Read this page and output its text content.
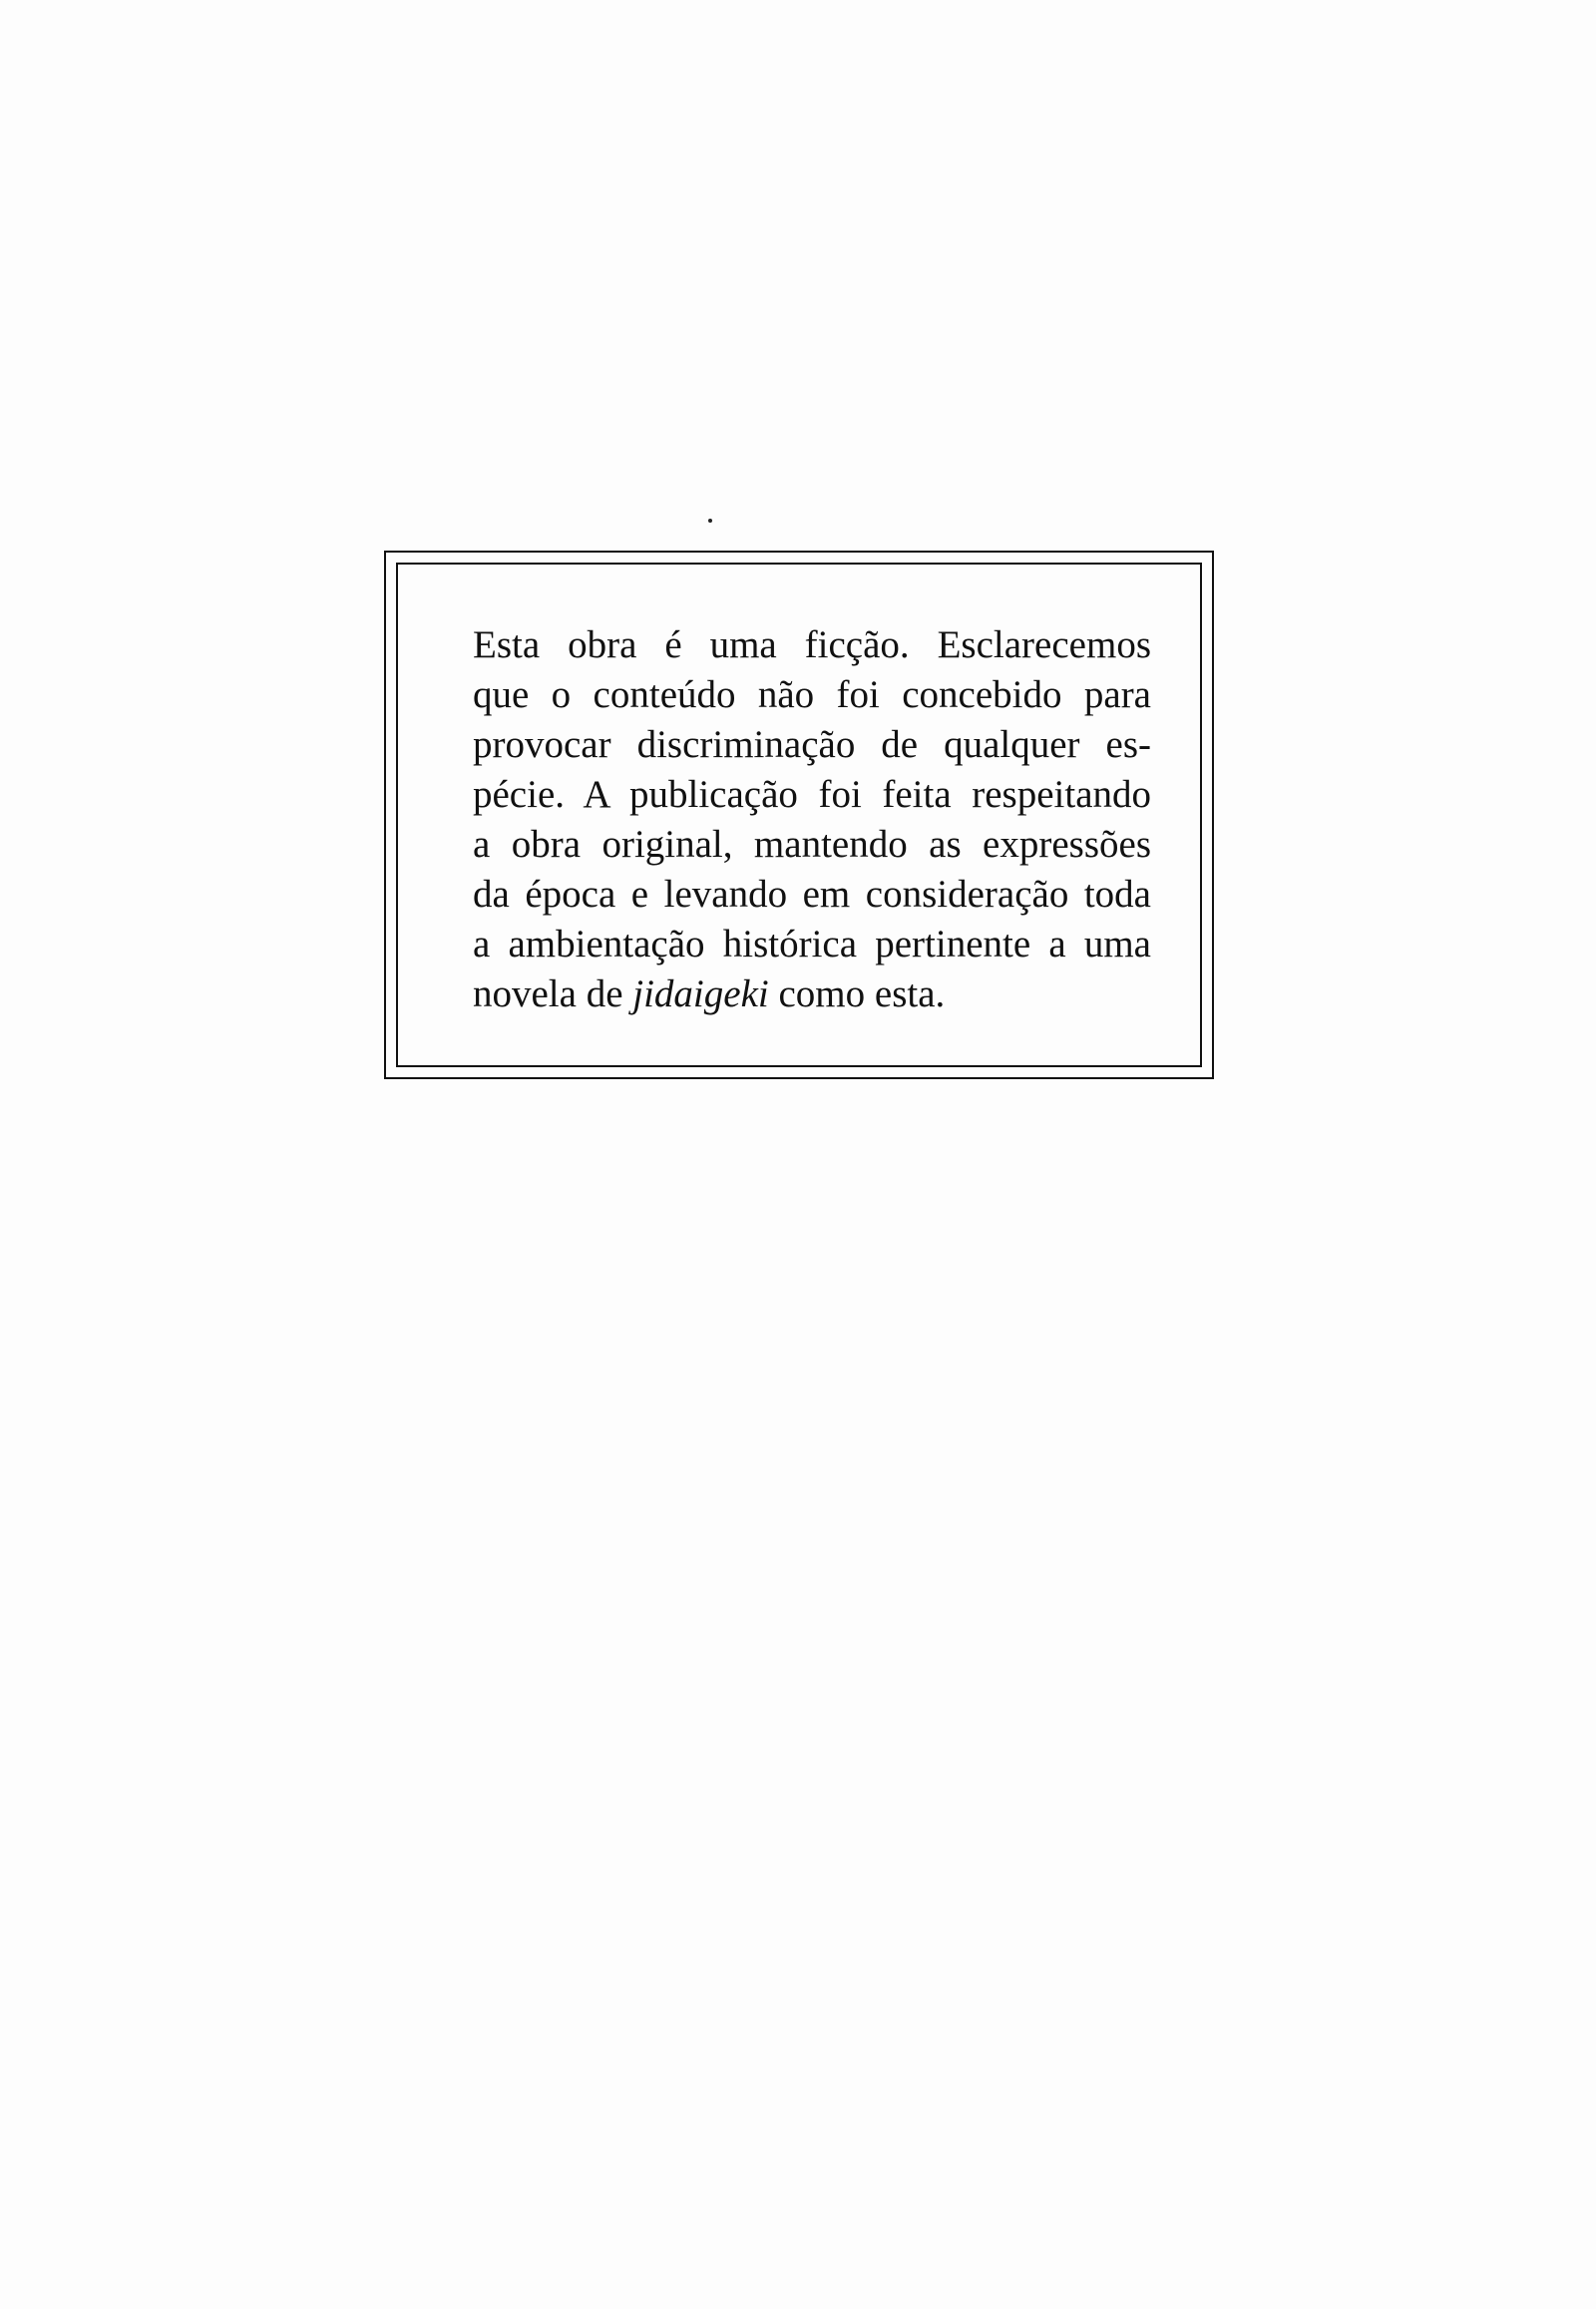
Esta obra é uma ficção. Esclarecemos
que o conteúdo não foi concebido para
provocar discriminação de qualquer es-
pécie. A publicação foi feita respeitando
a obra original, mantendo as expressões
da época e levando em consideração toda
a ambientação histórica pertinente a uma
novela de jidaigeki como esta.
